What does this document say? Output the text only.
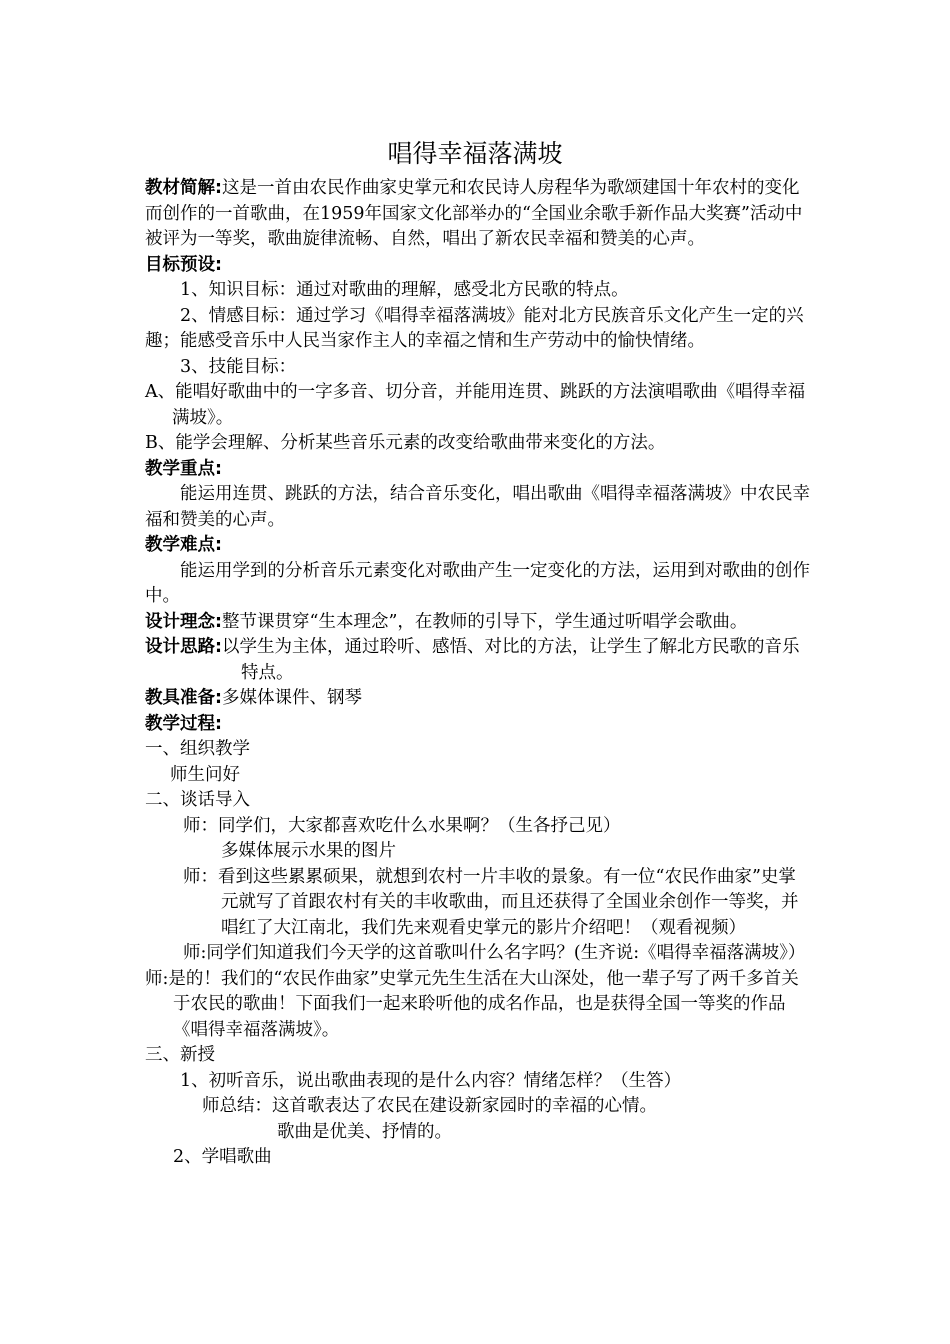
唱得幸福落满坡

教材简解:这是一首由农民作曲家史掌元和农民诗人房程华为歌颂建国十年农村的变化而创作的一首歌曲，在1959年国家文化部举办的“全国业余歌手新作品大奖赛”活动中被评为一等奖，歌曲旋律流畅、自然，唱出了新农民幸福和赞美的心声。

目标预设:

1、知识目标：通过对歌曲的理解，感受北方民歌的特点。

2、情感目标：通过学习《唱得幸福落满坡》能对北方民族音乐文化产生一定的兴趣；能感受音乐中人民当家作主人的幸福之情和生产劳动中的愉快情绪。

3、技能目标：

A、能唱好歌曲中的一字多音、切分音，并能用连贯、跳跃的方法演唱歌曲《唱得幸福满坡》。

B、能学会理解、分析某些音乐元素的改变给歌曲带来变化的方法。

教学重点:

能运用连贯、跳跃的方法，结合音乐变化，唱出歌曲《唱得幸福落满坡》中农民幸福和赞美的心声。

教学难点:

能运用学到的分析音乐元素变化对歌曲产生一定变化的方法，运用到对歌曲的创作中。

设计理念:整节课贯穿“生本理念”，在教师的引导下，学生通过听唱学会歌曲。

设计思路:以学生为主体，通过聆听、感悟、对比的方法，让学生了解北方民歌的音乐特点。

教具准备:多媒体课件、钢琴

教学过程:

一、组织教学

师生问好

二、谈话导入

师：同学们，大家都喜欢吃什么水果啊？（生各抒己见）

多媒体展示水果的图片

师：看到这些累累硕果，就想到农村一片丰收的景象。有一位“农民作曲家”史掌元就写了首跟农村有关的丰收歌曲，而且还获得了全国业余创作一等奖，并唱红了大江南北，我们先来观看史掌元的影片介绍吧！（观看视频）

师:同学们知道我们今天学的这首歌叫什么名字吗？(生齐说:《唱得幸福落满坡》）

师:是的！我们的“农民作曲家”史掌元先生生活在大山深处，他一辈子写了两千多首关于农民的歌曲！下面我们一起来聆听他的成名作品，也是获得全国一等奖的作品《唱得幸福落满坡》。

三、新授

1、初听音乐，说出歌曲表现的是什么内容？情绪怎样？（生答）

师总结：这首歌表达了农民在建设新家园时的幸福的心情。

歌曲是优美、抒情的。

2、学唱歌曲
